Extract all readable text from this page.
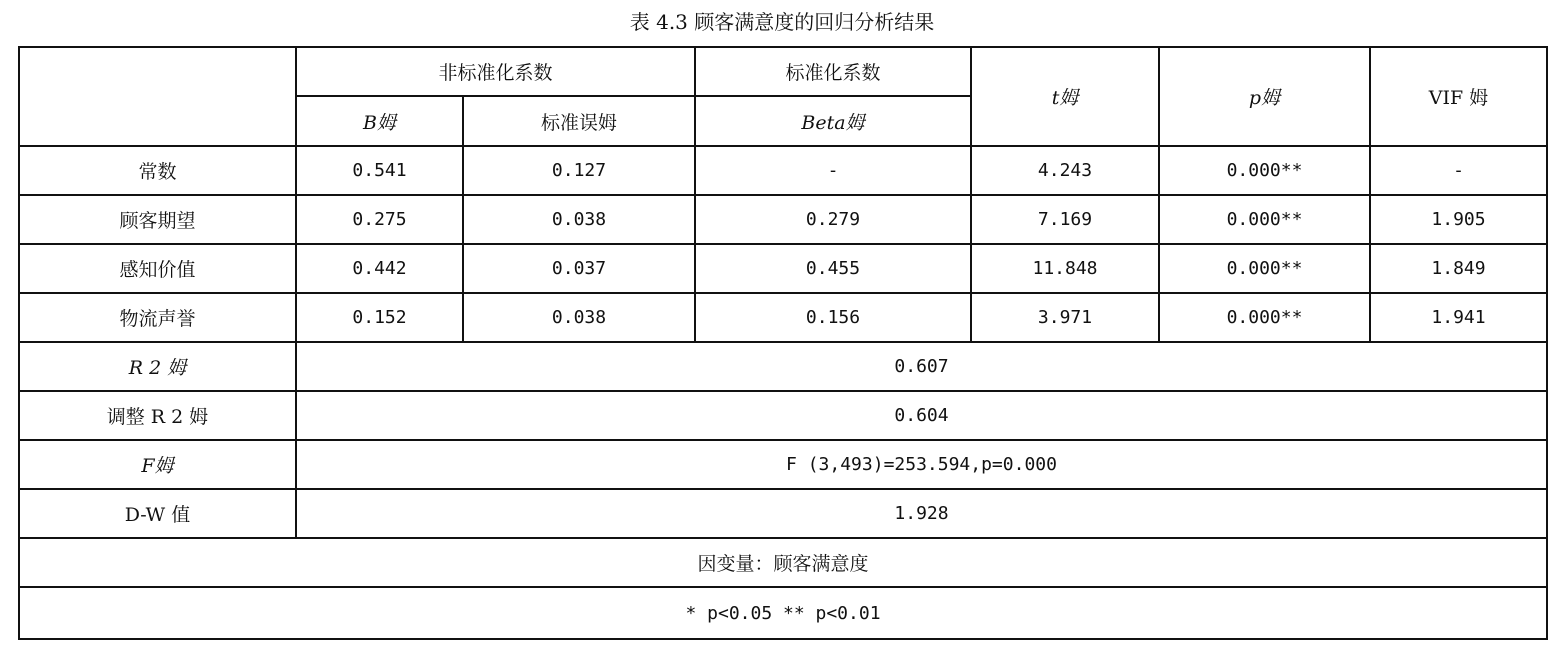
表 4.3 顾客满意度的回归分析结果
	非标准化系数		标准化系数	t姆	p姆	VIF 姆
	B姆	标准误姆	Beta姆			
常数	0.541	0.127	-	4.243	0.000**	-
顾客期望	0.275	0.038	0.279	7.169	0.000**	1.905
感知价值	0.442	0.037	0.455	11.848	0.000**	1.849
物流声誉	0.152	0.038	0.156	3.971	0.000**	1.941
R 2 姆	0.607					
调整 R 2 姆	0.604					
F姆	F (3,493)=253.594,p=0.000					
D-W 值	1.928					
因变量：顾客满意度						
* p<0.05 ** p<0.01						
